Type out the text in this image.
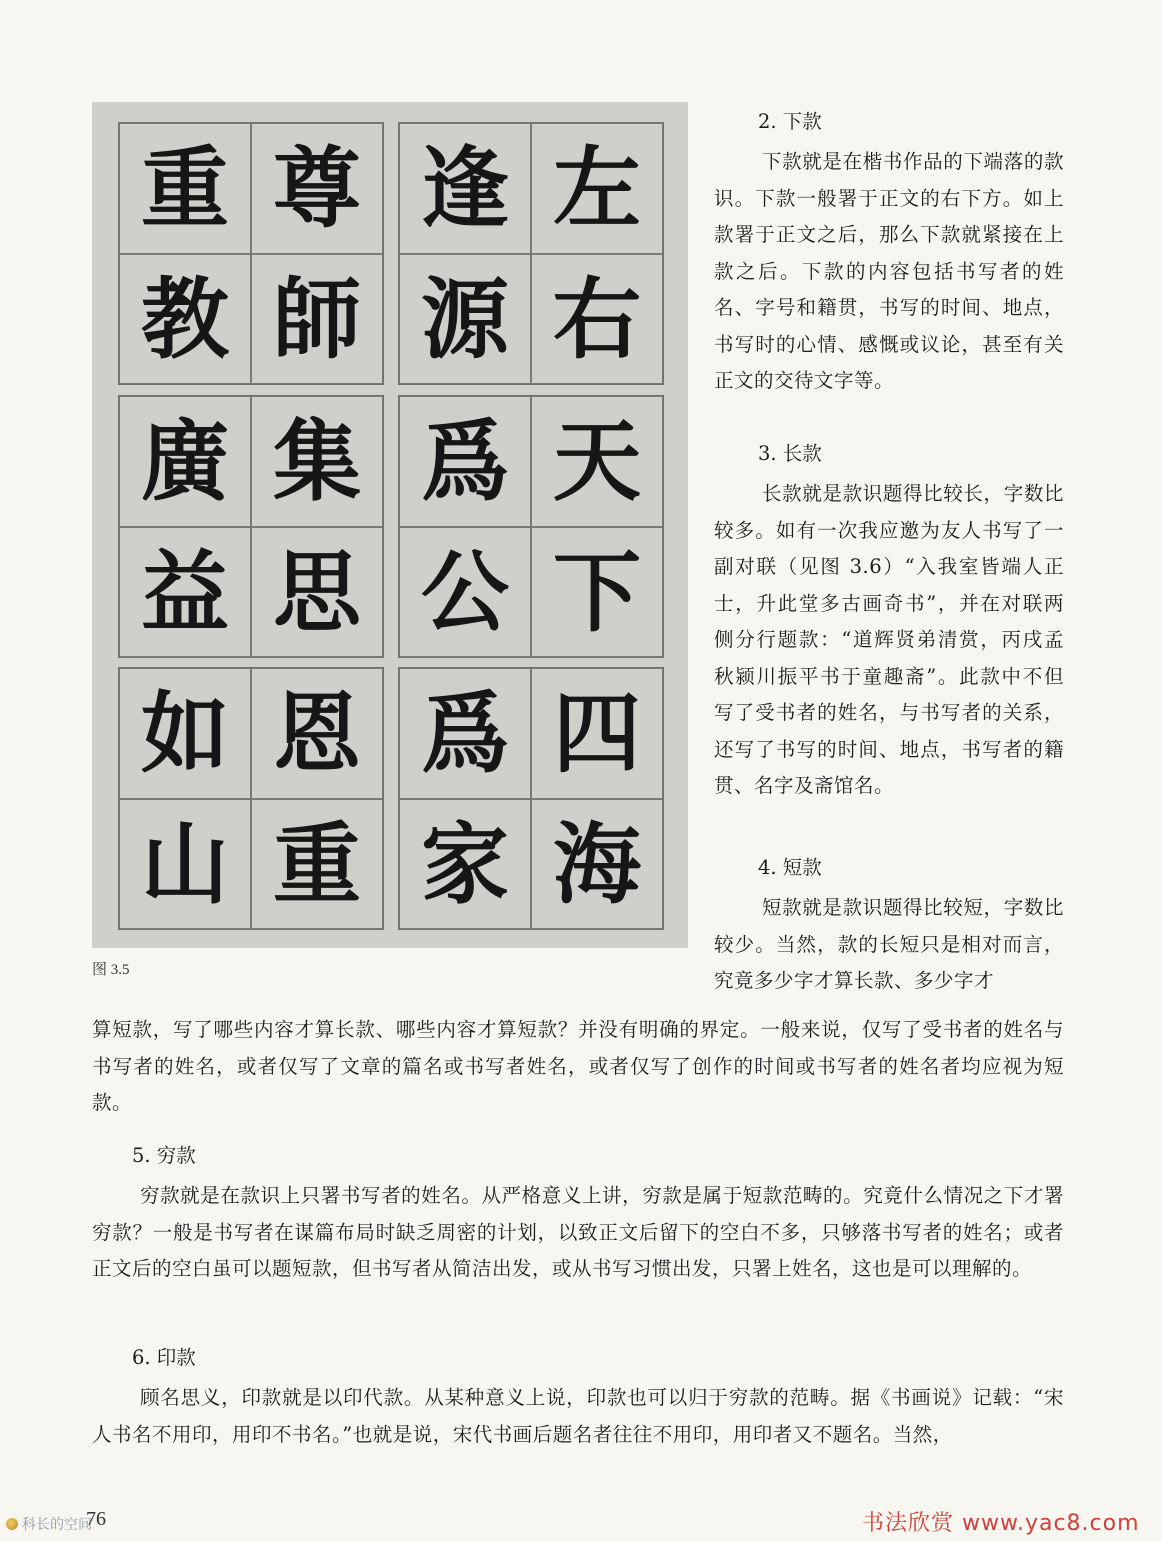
重 尊
教 師
逢 左
源 右
廣 集
益 思
爲 天
公 下
如 恩
山 重
爲 四
家 海
图 3.5

2. 下款

下款就是在楷书作品的下端落的款识。下款一般署于正文的右下方。如上款署于正文之后，那么下款就紧接在上款之后。下款的内容包括书写者的姓名、字号和籍贯，书写的时间、地点，书写时的心情、感慨或议论，甚至有关正文的交待文字等。

3. 长款

长款就是款识题得比较长，字数比较多。如有一次我应邀为友人书写了一副对联（见图 3.6）“入我室皆端人正士，升此堂多古画奇书”，并在对联两侧分行题款：“道辉贤弟清赏，丙戌孟秋颍川振平书于童趣斋”。此款中不但写了受书者的姓名，与书写者的关系，还写了书写的时间、地点，书写者的籍贯、名字及斋馆名。

4. 短款

短款就是款识题得比较短，字数比较少。当然，款的长短只是相对而言，究竟多少字才算长款、多少字才

算短款，写了哪些内容才算长款、哪些内容才算短款？并没有明确的界定。一般来说，仅写了受书者的姓名与书写者的姓名，或者仅写了文章的篇名或书写者姓名，或者仅写了创作的时间或书写者的姓名者均应视为短款。

5. 穷款

穷款就是在款识上只署书写者的姓名。从严格意义上讲，穷款是属于短款范畴的。究竟什么情况之下才署穷款？一般是书写者在谋篇布局时缺乏周密的计划，以致正文后留下的空白不多，只够落书写者的姓名；或者正文后的空白虽可以题短款，但书写者从简洁出发，或从书写习惯出发，只署上姓名，这也是可以理解的。

6. 印款

顾名思义，印款就是以印代款。从某种意义上说，印款也可以归于穷款的范畴。据《书画说》记载：“宋人书名不用印，用印不书名。”也就是说，宋代书画后题名者往往不用印，用印者又不题名。当然，

科长的空间
76	书法欣赏 www.yac8.com
